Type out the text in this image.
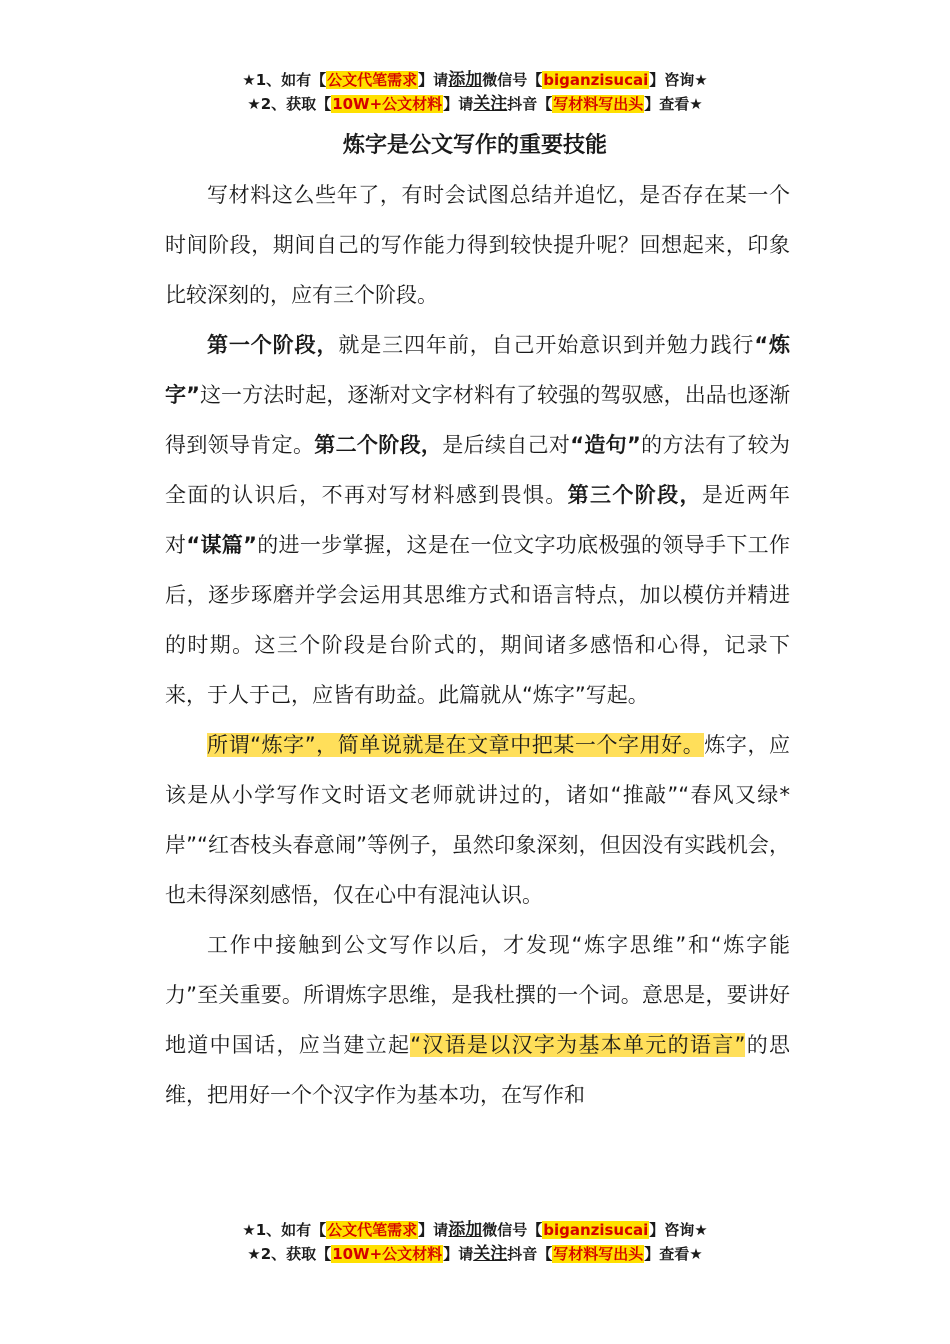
★1、如有【公文代笔需求】请添加微信号【biganzisucai】咨询★
★2、获取【10W+公文材料】请关注抖音【写材料写出头】查看★
炼字是公文写作的重要技能

写材料这么些年了，有时会试图总结并追忆，是否存在某一个时间阶段，期间自己的写作能力得到较快提升呢？回想起来，印象比较深刻的，应有三个阶段。

第一个阶段，就是三四年前，自己开始意识到并勉力践行“炼字”这一方法时起，逐渐对文字材料有了较强的驾驭感，出品也逐渐得到领导肯定。第二个阶段，是后续自己对“造句”的方法有了较为全面的认识后，不再对写材料感到畏惧。第三个阶段，是近两年对“谋篇”的进一步掌握，这是在一位文字功底极强的领导手下工作后，逐步琢磨并学会运用其思维方式和语言特点，加以模仿并精进的时期。这三个阶段是台阶式的，期间诸多感悟和心得，记录下来，于人于己，应皆有助益。此篇就从“炼字”写起。

所谓“炼字”，简单说就是在文章中把某一个字用好。炼字，应该是从小学写作文时语文老师就讲过的，诸如“推敲”“春风又绿*岸”“红杏枝头春意闹”等例子，虽然印象深刻，但因没有实践机会，也未得深刻感悟，仅在心中有混沌认识。

工作中接触到公文写作以后，才发现“炼字思维”和“炼字能力”至关重要。所谓炼字思维，是我杜撰的一个词。意思是，要讲好地道中国话，应当建立起“汉语是以汉字为基本单元的语言”的思维，把用好一个个汉字作为基本功，在写作和

★1、如有【公文代笔需求】请添加微信号【biganzisucai】咨询★
★2、获取【10W+公文材料】请关注抖音【写材料写出头】查看★
